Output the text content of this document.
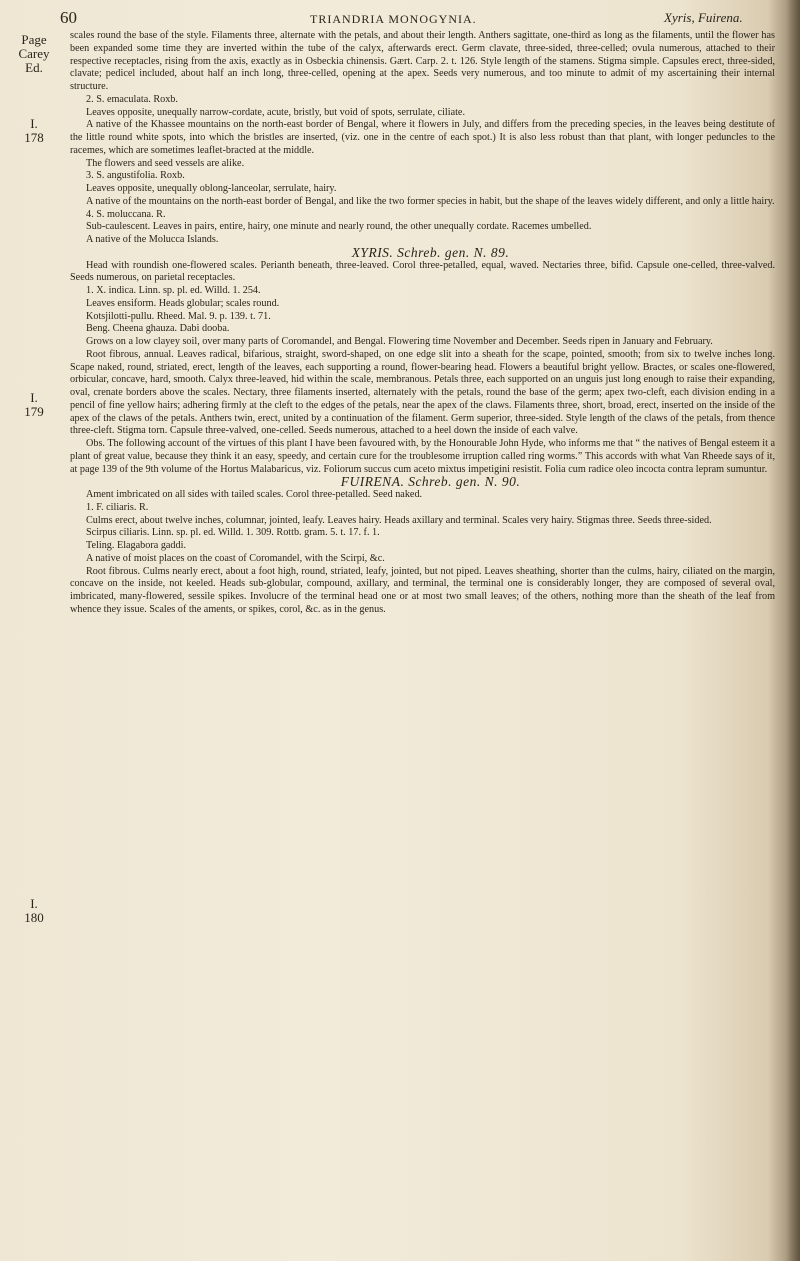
60	TRIANDRIA MONOGYNIA.	Xyris, Fuirena.
Page
Carey
Ed.
I.
178
I.
179
I.
180

scales round the base of the style. Filaments three, alternate with the petals, and about their length. Anthers sagittate, one-third as long as the filaments, until the flower has been expanded some time they are inverted within the tube of the calyx, afterwards erect. Germ clavate, three-sided, three-celled; ovula numerous, attached to their respective receptacles, rising from the axis, exactly as in Osbeckia chinensis. Gært. Carp. 2. t. 126. Style length of the stamens. Stigma simple. Capsules erect, three-sided, clavate; pedicel included, about half an inch long, three-celled, opening at the apex. Seeds very numerous, and too minute to admit of my ascertaining their internal structure.

2. S. emaculata. Roxb.

Leaves opposite, unequally narrow-cordate, acute, bristly, but void of spots, serrulate, ciliate.

A native of the Khassee mountains on the north-east border of Bengal, where it flowers in July, and differs from the preceding species, in the leaves being destitute of the little round white spots, into which the bristles are inserted, (viz. one in the centre of each spot.) It is also less robust than that plant, with longer peduncles to the racemes, which are sometimes leaflet-bracted at the middle.

The flowers and seed vessels are alike.

3. S. angustifolia. Roxb.

Leaves opposite, unequally oblong-lanceolar, serrulate, hairy.

A native of the mountains on the north-east border of Bengal, and like the two former species in habit, but the shape of the leaves widely different, and only a little hairy.

4. S. moluccana. R.

Sub-caulescent. Leaves in pairs, entire, hairy, one minute and nearly round, the other unequally cordate. Racemes umbelled.

A native of the Molucca Islands.

XYRIS. Schreb. gen. N. 89.

Head with roundish one-flowered scales. Perianth beneath, three-leaved. Corol three-petalled, equal, waved. Nectaries three, bifid. Capsule one-celled, three-valved. Seeds numerous, on parietal receptacles.

1. X. indica. Linn. sp. pl. ed. Willd. 1. 254.

Leaves ensiform. Heads globular; scales round.

Kotsjilotti-pullu. Rheed. Mal. 9. p. 139. t. 71.

Beng. Cheena ghauza. Dabi dooba.

Grows on a low clayey soil, over many parts of Coromandel, and Bengal. Flowering time November and December. Seeds ripen in January and February.

Root fibrous, annual. Leaves radical, bifarious, straight, sword-shaped, on one edge slit into a sheath for the scape, pointed, smooth; from six to twelve inches long. Scape naked, round, striated, erect, length of the leaves, each supporting a round, flower-bearing head. Flowers a beautiful bright yellow. Bractes, or scales one-flowered, orbicular, concave, hard, smooth. Calyx three-leaved, hid within the scale, membranous. Petals three, each supported on an unguis just long enough to raise their expanding, oval, crenate borders above the scales. Nectary, three filaments inserted, alternately with the petals, round the base of the germ; apex two-cleft, each division ending in a pencil of fine yellow hairs; adhering firmly at the cleft to the edges of the petals, near the apex of the claws. Filaments three, short, broad, erect, inserted on the inside of the apex of the claws of the petals. Anthers twin, erect, united by a continuation of the filament. Germ superior, three-sided. Style length of the claws of the petals, from thence three-cleft. Stigma torn. Capsule three-valved, one-celled. Seeds numerous, attached to a heel down the inside of each valve.

Obs. The following account of the virtues of this plant I have been favoured with, by the Honourable John Hyde, who informs me that “ the natives of Bengal esteem it a plant of great value, because they think it an easy, speedy, and certain cure for the troublesome irruption called ring worms.” This accords with what Van Rheede says of it, at page 139 of the 9th volume of the Hortus Malabaricus, viz. Foliorum succus cum aceto mixtus impetigini resistit. Folia cum radice oleo incocta contra lepram sumuntur.

FUIRENA. Schreb. gen. N. 90.

Ament imbricated on all sides with tailed scales. Corol three-petalled. Seed naked.

1. F. ciliaris. R.

Culms erect, about twelve inches, columnar, jointed, leafy. Leaves hairy. Heads axillary and terminal. Scales very hairy. Stigmas three. Seeds three-sided.

Scirpus ciliaris. Linn. sp. pl. ed. Willd. 1. 309. Rottb. gram. 5. t. 17. f. 1.

Teling. Elagabora gaddi.

A native of moist places on the coast of Coromandel, with the Scirpi, &c.

Root fibrous. Culms nearly erect, about a foot high, round, striated, leafy, jointed, but not piped. Leaves sheathing, shorter than the culms, hairy, ciliated on the margin, concave on the inside, not keeled. Heads sub-globular, compound, axillary, and terminal, the terminal one is considerably longer, they are composed of several oval, imbricated, many-flowered, sessile spikes. Involucre of the terminal head one or at most two small leaves; of the others, nothing more than the sheath of the leaf from whence they issue. Scales of the aments, or spikes, corol, &c. as in the genus.
